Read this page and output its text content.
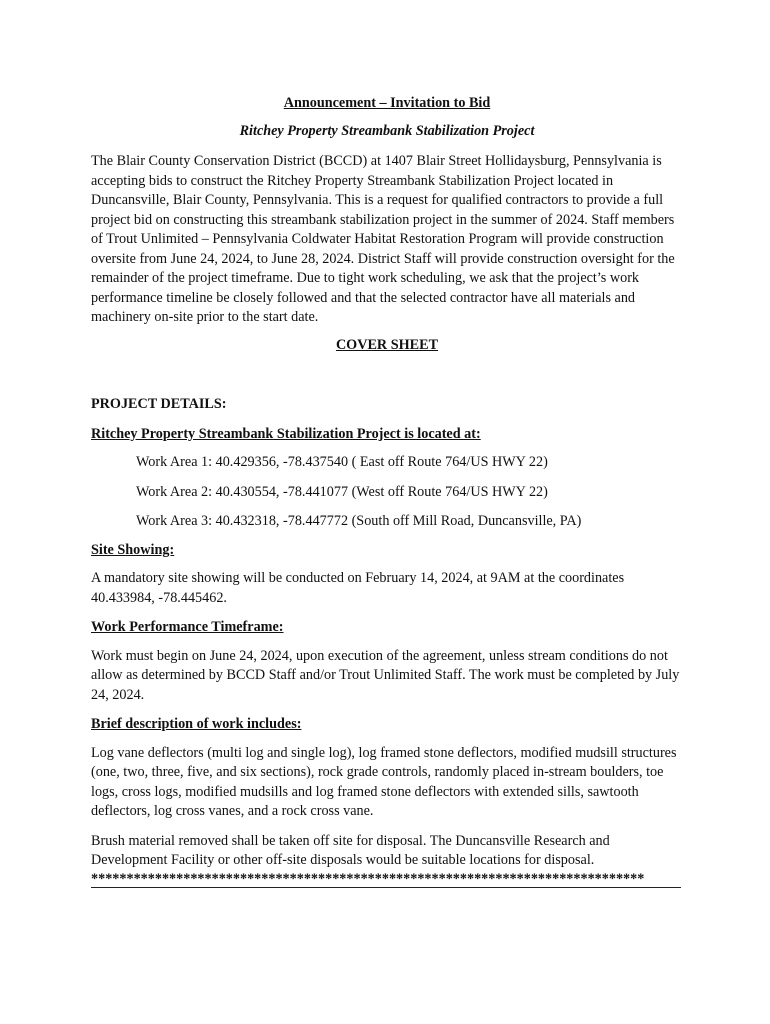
Announcement – Invitation to Bid

Ritchey Property Streambank Stabilization Project

The Blair County Conservation District (BCCD) at 1407 Blair Street Hollidaysburg, Pennsylvania is accepting bids to construct the Ritchey Property Streambank Stabilization Project located in Duncansville, Blair County, Pennsylvania. This is a request for qualified contractors to provide a full project bid on constructing this streambank stabilization project in the summer of 2024. Staff members of Trout Unlimited – Pennsylvania Coldwater Habitat Restoration Program will provide construction oversite from June 24, 2024, to June 28, 2024. District Staff will provide construction oversight for the remainder of the project timeframe. Due to tight work scheduling, we ask that the project’s work performance timeline be closely followed and that the selected contractor have all materials and machinery on-site prior to the start date.

COVER SHEET

PROJECT DETAILS:

Ritchey Property Streambank Stabilization Project is located at:

Work Area 1: 40.429356, -78.437540 ( East off Route 764/US HWY 22)

Work Area 2: 40.430554, -78.441077 (West off Route 764/US HWY 22)

Work Area 3: 40.432318, -78.447772 (South off Mill Road, Duncansville, PA)

Site Showing:

A mandatory site showing will be conducted on February 14, 2024, at 9AM at the coordinates 40.433984, -78.445462.

Work Performance Timeframe:

Work must begin on June 24, 2024, upon execution of the agreement, unless stream conditions do not allow as determined by BCCD Staff and/or Trout Unlimited Staff. The work must be completed by July 24, 2024.

Brief description of work includes:

Log vane deflectors (multi log and single log), log framed stone deflectors, modified mudsill structures (one, two, three, five, and six sections), rock grade controls, randomly placed in-stream boulders, toe logs, cross logs, modified mudsills and log framed stone deflectors with extended sills, sawtooth deflectors, log cross vanes, and a rock cross vane.

Brush material removed shall be taken off site for disposal. The Duncansville Research and Development Facility or other off-site disposals would be suitable locations for disposal.

******************************************************************************
